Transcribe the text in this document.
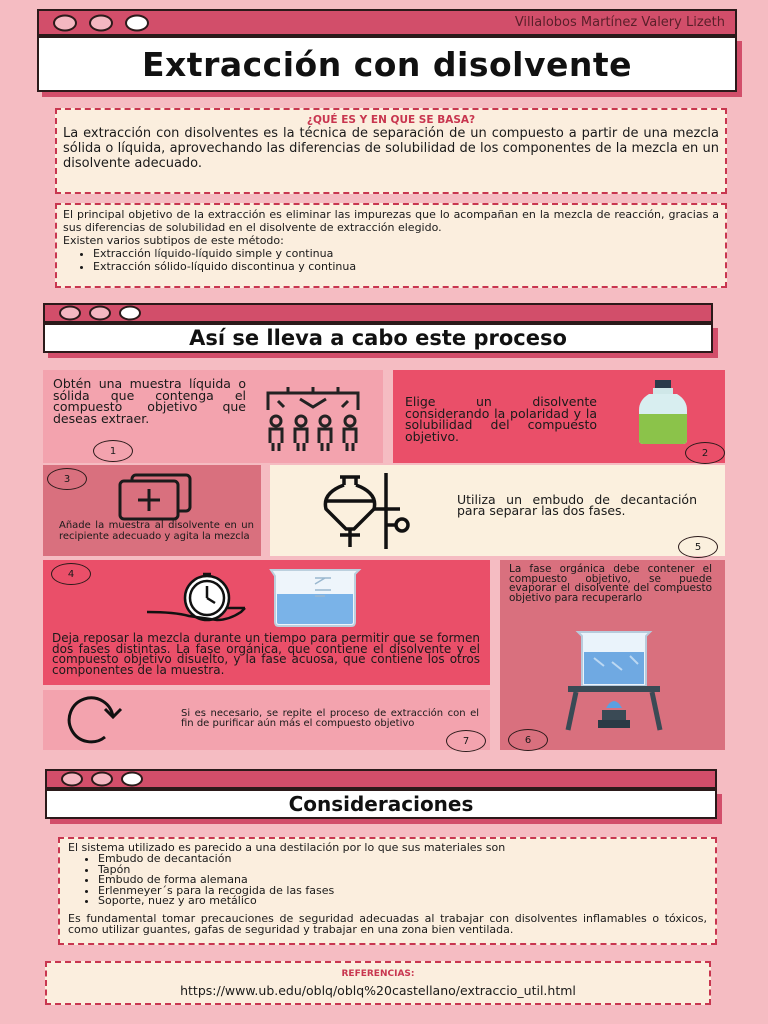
Villalobos Martínez Valery Lizeth
Extracción con disolvente
¿QUÉ ES Y EN QUE SE BASA?
La extracción con disolventes es la técnica de separación de un compuesto a partir de una mezcla sólida o líquida, aprovechando las diferencias de solubilidad de los componentes de la mezcla en un disolvente adecuado.
El principal objetivo de la extracción es eliminar las impurezas que lo acompañan en la mezcla de reacción, gracias a sus diferencias de solubilidad en el disolvente de extracción elegido.
Existen varios subtipos de este método:
• Extracción líquido-líquido simple y continua
• Extracción sólido-líquido discontinua y continua
Así se lleva a cabo este proceso
Obtén una muestra líquida o sólida que contenga el compuesto objetivo que deseas extraer.
1
Elige un disolvente considerando la polaridad y la solubilidad del compuesto objetivo.
2
3
Añade la muestra al disolvente en un recipiente adecuado y agita la mezcla
Utiliza un embudo de decantación para separar las dos fases.
5
4
Deja reposar la mezcla durante un tiempo para permitir que se formen dos fases distintas. La fase orgánica, que contiene el disolvente y el compuesto objetivo disuelto, y la fase acuosa, que contiene los otros componentes de la muestra.
La fase orgánica debe contener el compuesto objetivo, se puede evaporar el disolvente del compuesto objetivo para recuperarlo
6
Si es necesario, se repite el proceso de extracción con el fin de purificar aún más el compuesto objetivo
7
Consideraciones
El sistema utilizado es parecido a una destilación por lo que sus materiales son
• Embudo de decantación
• Tapón
• Embudo de forma alemana
• Erlenmeyer´s para la recogida de las fases
• Soporte, nuez y aro metálico
Es fundamental tomar precauciones de seguridad adecuadas al trabajar con disolventes inflamables o tóxicos, como utilizar guantes, gafas de seguridad y trabajar en una zona bien ventilada.
REFERENCIAS:
https://www.ub.edu/oblq/oblq%20castellano/extraccio_util.html
